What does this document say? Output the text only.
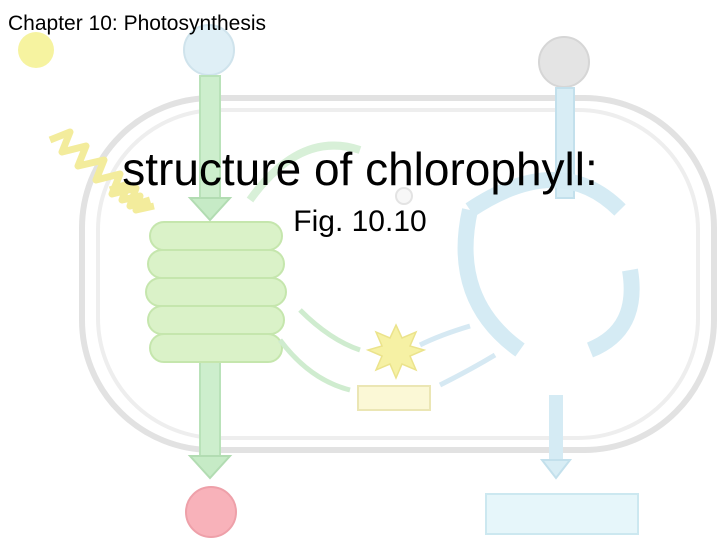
Chapter 10: Photosynthesis
structure of chlorophyll:
Fig. 10.10
